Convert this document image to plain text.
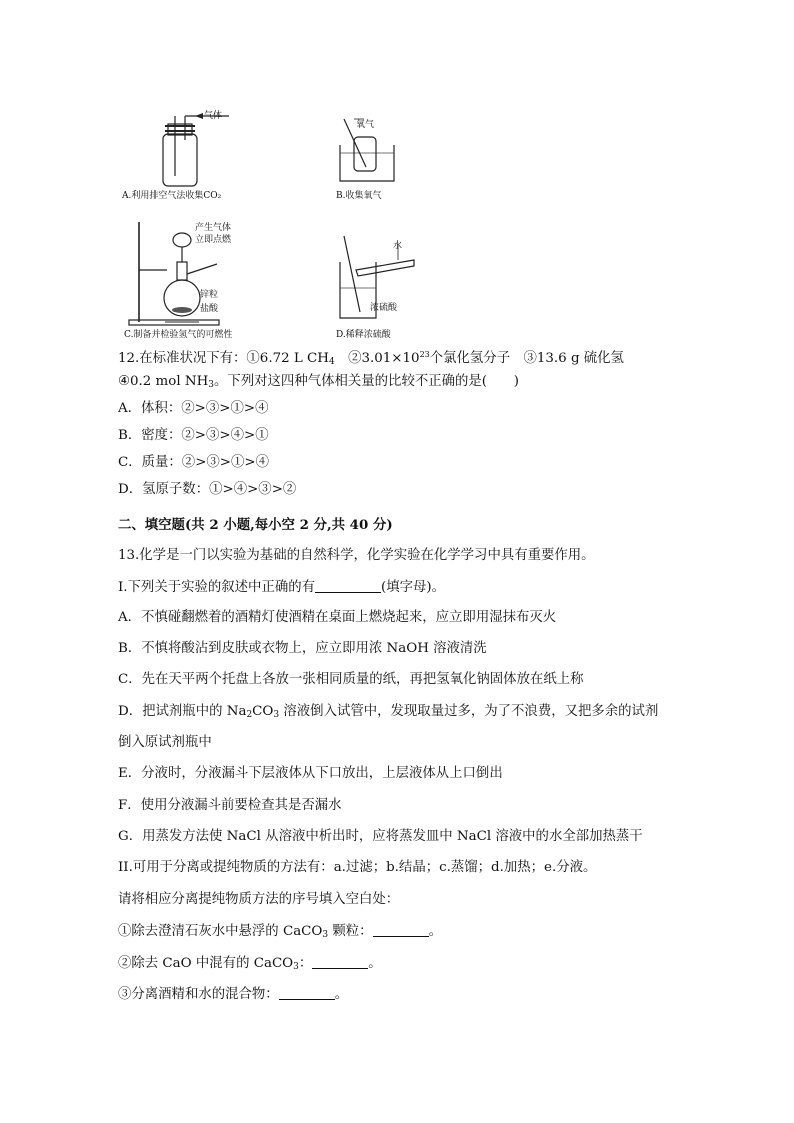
气体
A.利用排空气法收集CO₂
氧气
B.收集氧气
产生气体
立即点燃
锌粒
盐酸
C.制备并检验氢气的可燃性
水
浓硫酸
D.稀释浓硫酸
12.在标准状况下有：①6.72 L $CH_4$　$②3.01\times 10^{23}$个氯化氢分子　③13.6 g 硫化氢
④0.2 mol $NH_3$。下列对这四种气体相关量的比较不正确的是(　　)
A．体积：②>③>①>④
B．密度：②>③>④>①
C．质量：②>③>①>④
D．氢原子数：①>④>③>②
二、填空题(共 2 小题,每小空 2 分,共 40 分)
13.化学是一门以实验为基础的自然科学，化学实验在化学学习中具有重要作用。
I.下列关于实验的叙述中正确的有	(填字母)。
A．不慎碰翻燃着的酒精灯使酒精在桌面上燃烧起来，应立即用湿抹布灭火
B．不慎将酸沾到皮肤或衣物上，应立即用浓 NaOH 溶液清洗
C．先在天平两个托盘上各放一张相同质量的纸，再把氢氧化钠固体放在纸上称
D．把试剂瓶中的 $Na_2CO_3$ 溶液倒入试管中，发现取量过多，为了不浪费，又把多余的试剂
倒入原试剂瓶中
E．分液时，分液漏斗下层液体从下口放出，上层液体从上口倒出
F．使用分液漏斗前要检查其是否漏水
G．用蒸发方法使 NaCl 从溶液中析出时，应将蒸发皿中 NaCl 溶液中的水全部加热蒸干
II.可用于分离或提纯物质的方法有：a.过滤；b.结晶；c.蒸馏；d.加热；e.分液。
请将相应分离提纯物质方法的序号填入空白处：
①除去澄清石灰水中悬浮的 CaCO$_3$ 颗粒：	。
②除去 CaO 中混有的 CaCO$_3$：	。
③分离酒精和水的混合物：	。
